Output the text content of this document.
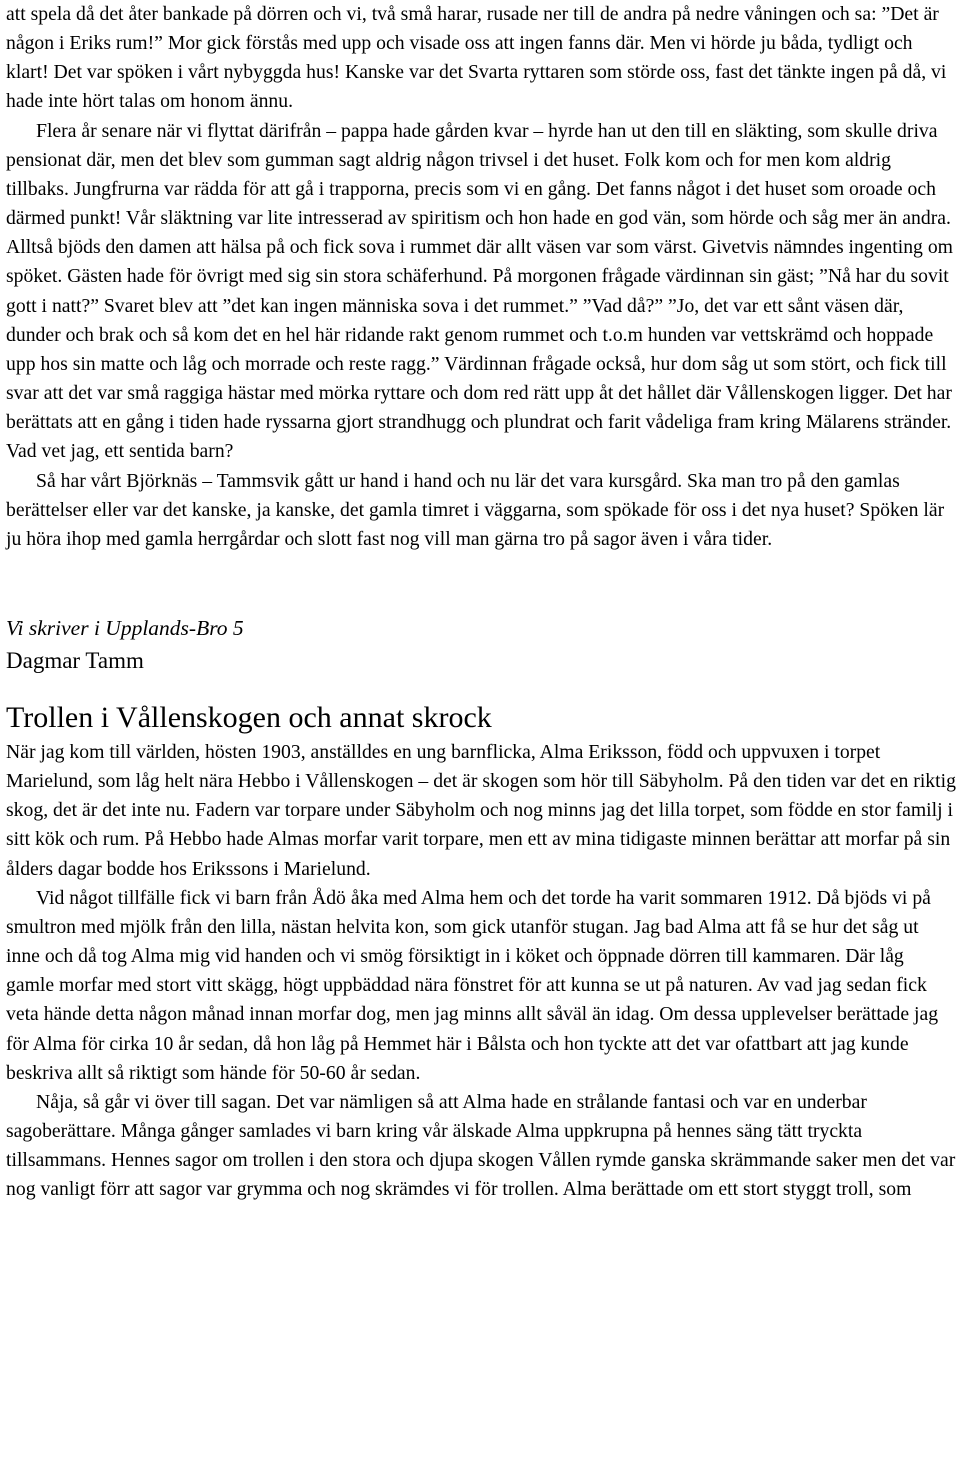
att spela då det åter bankade på dörren och vi, två små harar, rusade ner till de andra på nedre våningen och sa: ”Det är någon i Eriks rum!” Mor gick förstås med upp och visade oss att ingen fanns där. Men vi hörde ju båda, tydligt och klart! Det var spöken i vårt nybyggda hus! Kanske var det Svarta ryttaren som störde oss, fast det tänkte ingen på då, vi hade inte hört talas om honom ännu.

Flera år senare när vi flyttat därifrån – pappa hade gården kvar – hyrde han ut den till en släkting, som skulle driva pensionat där, men det blev som gumman sagt aldrig någon trivsel i det huset. Folk kom och for men kom aldrig tillbaks. Jungfrurna var rädda för att gå i trapporna, precis som vi en gång. Det fanns något i det huset som oroade och därmed punkt! Vår släktning var lite intresserad av spiritism och hon hade en god vän, som hörde och såg mer än andra. Alltså bjöds den damen att hälsa på och fick sova i rummet där allt väsen var som värst. Givetvis nämndes ingenting om spöket. Gästen hade för övrigt med sig sin stora schäferhund. På morgonen frågade värdinnan sin gäst; ”Nå har du sovit gott i natt?” Svaret blev att ”det kan ingen människa sova i det rummet.” ”Vad då?” ”Jo, det var ett sånt väsen där, dunder och brak och så kom det en hel här ridande rakt genom rummet och t.o.m hunden var vettskrämd och hoppade upp hos sin matte och låg och morrade och reste ragg.” Värdinnan frågade också, hur dom såg ut som stört, och fick till svar att det var små raggiga hästar med mörka ryttare och dom red rätt upp åt det hållet där Vållenskogen ligger. Det har berättats att en gång i tiden hade ryssarna gjort strandhugg och plundrat och farit vådeliga fram kring Mälarens stränder. Vad vet jag, ett sentida barn?

Så har vårt Björknäs – Tammsvik gått ur hand i hand och nu lär det vara kursgård. Ska man tro på den gamlas berättelser eller var det kanske, ja kanske, det gamla timret i väggarna, som spökade för oss i det nya huset? Spöken lär ju höra ihop med gamla herrgårdar och slott fast nog vill man gärna tro på sagor även i våra tider.

Vi skriver i Upplands-Bro 5

Dagmar Tamm

Trollen i Vållenskogen och annat skrock

När jag kom till världen, hösten 1903, anställdes en ung barnflicka, Alma Eriksson, född och uppvuxen i torpet Marielund, som låg helt nära Hebbo i Vållenskogen – det är skogen som hör till Säbyholm. På den tiden var det en riktig skog, det är det inte nu. Fadern var torpare under Säbyholm och nog minns jag det lilla torpet, som födde en stor familj i sitt kök och rum. På Hebbo hade Almas morfar varit torpare, men ett av mina tidigaste minnen berättar att morfar på sin ålders dagar bodde hos Erikssons i Marielund.

Vid något tillfälle fick vi barn från Ådö åka med Alma hem och det torde ha varit sommaren 1912. Då bjöds vi på smultron med mjölk från den lilla, nästan helvita kon, som gick utanför stugan. Jag bad Alma att få se hur det såg ut inne och då tog Alma mig vid handen och vi smög försiktigt in i köket och öppnade dörren till kammaren. Där låg gamle morfar med stort vitt skägg, högt uppbäddad nära fönstret för att kunna se ut på naturen. Av vad jag sedan fick veta hände detta någon månad innan morfar dog, men jag minns allt såväl än idag. Om dessa upplevelser berättade jag för Alma för cirka 10 år sedan, då hon låg på Hemmet här i Bålsta och hon tyckte att det var ofattbart att jag kunde beskriva allt så riktigt som hände för 50-60 år sedan.

Nåja, så går vi över till sagan. Det var nämligen så att Alma hade en strålande fantasi och var en underbar sagoberättare. Många gånger samlades vi barn kring vår älskade Alma uppkrupna på hennes säng tätt tryckta tillsammans. Hennes sagor om trollen i den stora och djupa skogen Vållen rymde ganska skrämmande saker men det var nog vanligt förr att sagor var grymma och nog skrämdes vi för trollen. Alma berättade om ett stort styggt troll, som
